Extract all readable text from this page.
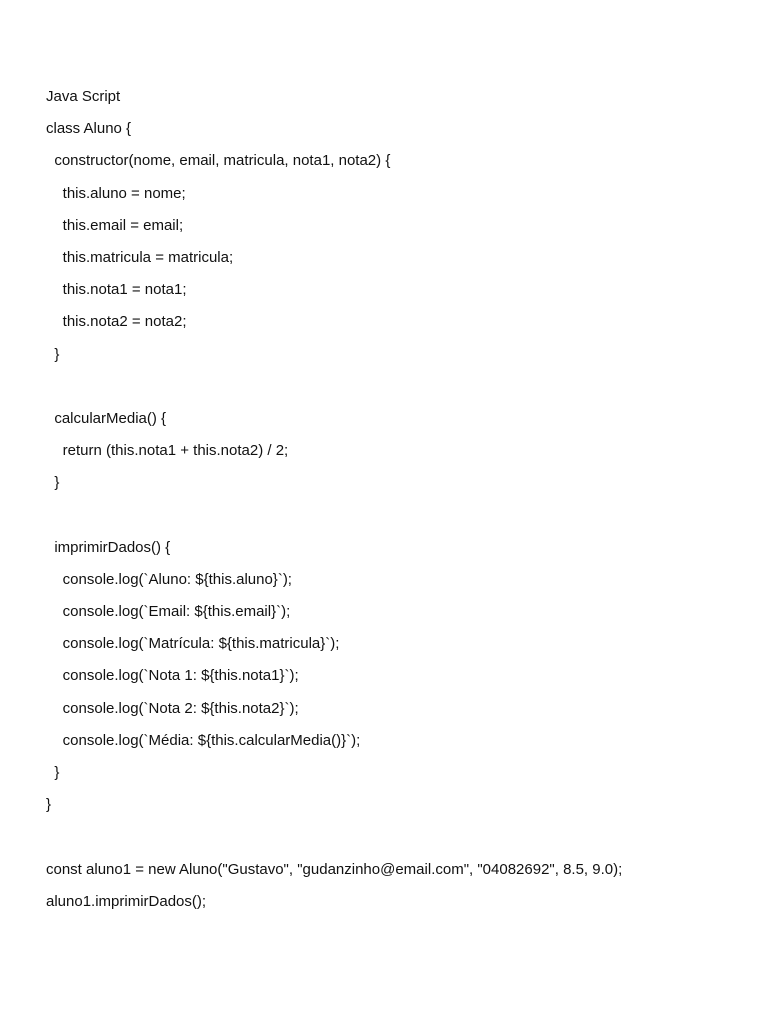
Java Script
class Aluno {
constructor(nome, email, matricula, nota1, nota2) {
this.aluno = nome;
this.email = email;
this.matricula = matricula;
this.nota1 = nota1;
this.nota2 = nota2;
}
calcularMedia() {
return (this.nota1 + this.nota2) / 2;
}
imprimirDados() {
console.log(`Aluno: ${this.aluno}`);
console.log(`Email: ${this.email}`);
console.log(`Matrícula: ${this.matricula}`);
console.log(`Nota 1: ${this.nota1}`);
console.log(`Nota 2: ${this.nota2}`);
console.log(`Média: ${this.calcularMedia()}`);
}
}
const aluno1 = new Aluno("Gustavo", "gudanzinho@email.com", "04082692", 8.5, 9.0);
aluno1.imprimirDados();
